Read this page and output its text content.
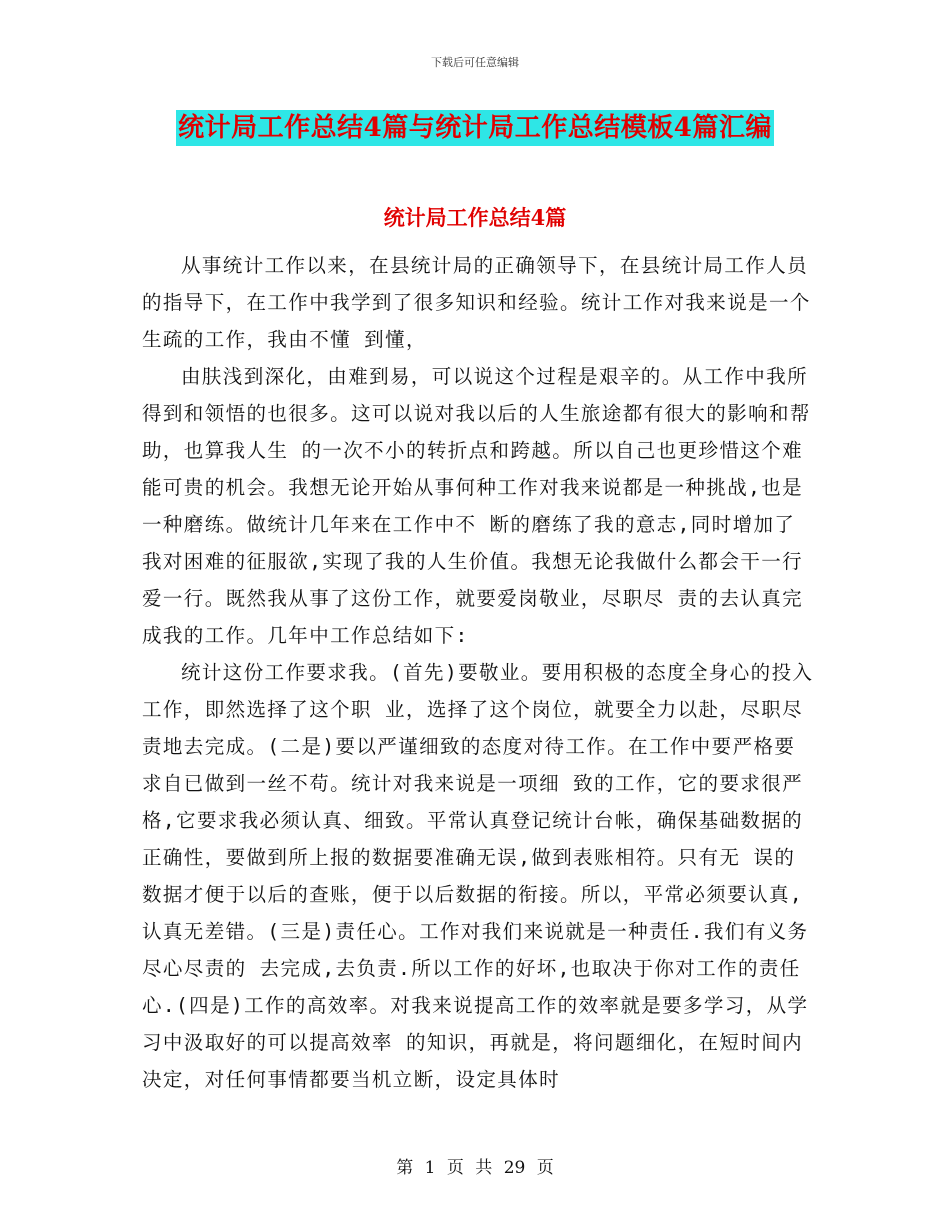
下载后可任意编辑
统计局工作总结4篇与统计局工作总结模板4篇汇编
统计局工作总结4篇

从事统计工作以来，在县统计局的正确领导下，在县统计局工作人员的指导下，在工作中我学到了很多知识和经验。统计工作对我来说是一个生疏的工作，我由不懂 到懂，

由肤浅到深化，由难到易，可以说这个过程是艰辛的。从工作中我所得到和领悟的也很多。这可以说对我以后的人生旅途都有很大的影响和帮助，也算我人生 的一次不小的转折点和跨越。所以自己也更珍惜这个难能可贵的机会。我想无论开始从事何种工作对我来说都是一种挑战,也是一种磨练。做统计几年来在工作中不 断的磨练了我的意志,同时增加了我对困难的征服欲,实现了我的人生价值。我想无论我做什么都会干一行爱一行。既然我从事了这份工作，就要爱岗敬业，尽职尽 责的去认真完成我的工作。几年中工作总结如下:

统计这份工作要求我。(首先)要敬业。要用积极的态度全身心的投入工作，即然选择了这个职 业，选择了这个岗位，就要全力以赴，尽职尽责地去完成。(二是)要以严谨细致的态度对待工作。在工作中要严格要求自已做到一丝不苟。统计对我来说是一项细 致的工作，它的要求很严格,它要求我必须认真、细致。平常认真登记统计台帐，确保基础数据的正确性，要做到所上报的数据要准确无误,做到表账相符。只有无 误的数据才便于以后的查账，便于以后数据的衔接。所以，平常必须要认真,认真无差错。(三是)责任心。工作对我们来说就是一种责任.我们有义务尽心尽责的 去完成,去负责.所以工作的好坏,也取决于你对工作的责任心.(四是)工作的高效率。对我来说提高工作的效率就是要多学习，从学习中汲取好的可以提高效率 的知识，再就是，将问题细化，在短时间内决定，对任何事情都要当机立断，设定具体时

第 1 页 共 29 页
